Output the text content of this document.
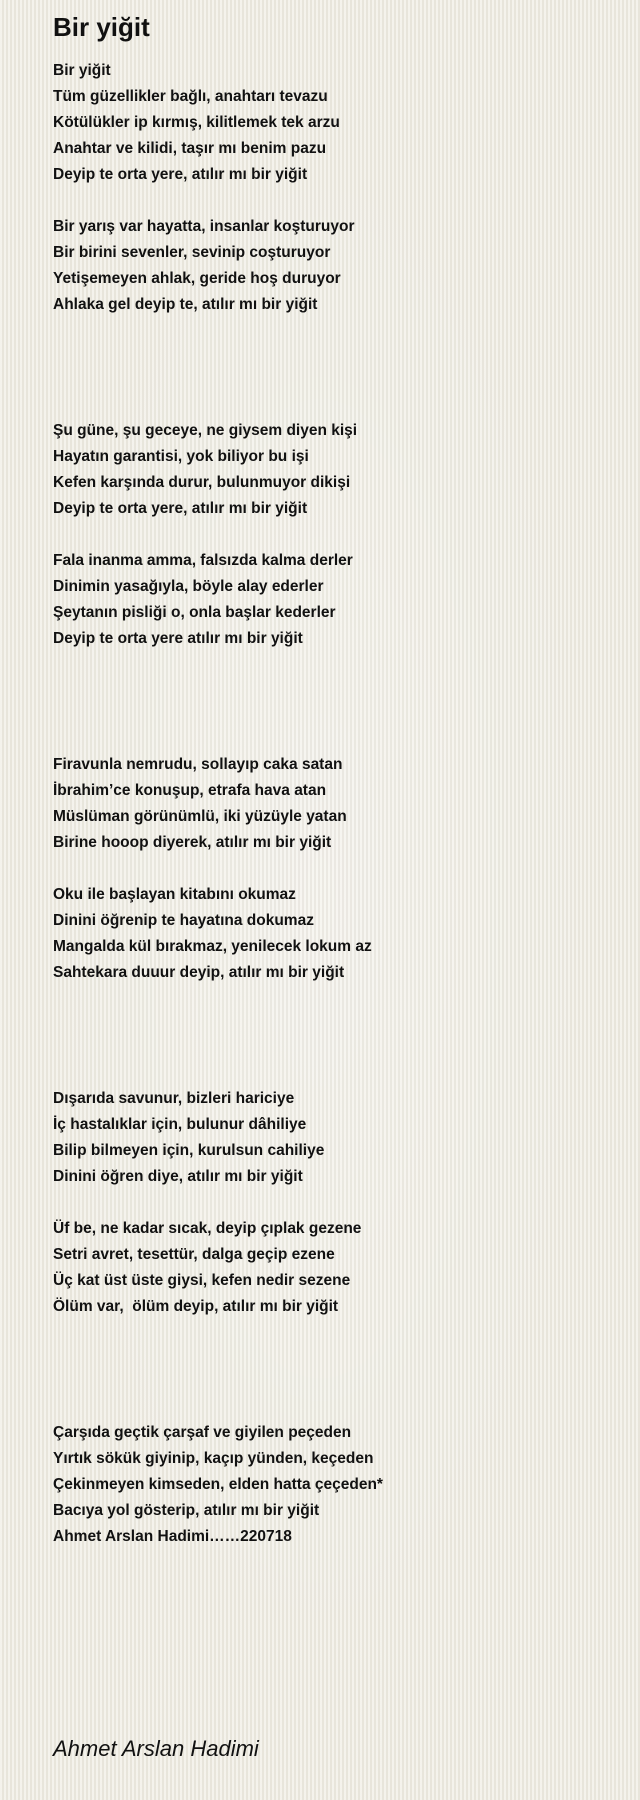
Bir yiğit
Bir yiğit
Tüm güzellikler bağlı, anahtarı tevazu
Kötülükler ip kırmış, kilitlemek tek arzu
Anahtar ve kilidi, taşır mı benim pazu
Deyip te orta yere, atılır mı bir yiğit
Bir yarış var hayatta, insanlar koşturuyor
Bir birini sevenler, sevinip coşturuyor
Yetişemeyen ahlak, geride hoş duruyor
Ahlaka gel deyip te, atılır mı bir yiğit
Şu güne, şu geceye, ne giysem diyen kişi
Hayatın garantisi, yok biliyor bu işi
Kefen karşında durur, bulunmuyor dikişi
Deyip te orta yere, atılır mı bir yiğit
Fala inanma amma, falsızda kalma derler
Dinimin yasağıyla, böyle alay ederler
Şeytanın pisliği o, onla başlar kederler
Deyip te orta yere atılır mı bir yiğit
Firavunla nemrudu, sollayıp caka satan
İbrahim’ce konuşup, etrafa hava atan
Müslüman görünümlü, iki yüzüyle yatan
Birine hooop diyerek, atılır mı bir yiğit
Oku ile başlayan kitabını okumaz
Dinini öğrenip te hayatına dokumaz
Mangalda kül bırakmaz, yenilecek lokum az
Sahtekara duuur deyip, atılır mı bir yiğit
Dışarıda savunur, bizleri hariciye
İç hastalıklar için, bulunur dâhiliye
Bilip bilmeyen için, kurulsun cahiliye
Dinini öğren diye, atılır mı bir yiğit
Üf be, ne kadar sıcak, deyip çıplak gezene
Setri avret, tesettür, dalga geçip ezene
Üç kat üst üste giysi, kefen nedir sezene
Ölüm var,  ölüm deyip, atılır mı bir yiğit
Çarşıda geçtik çarşaf ve giyilen peçeden
Yırtık sökük giyinip, kaçıp yünden, keçeden
Çekinmeyen kimseden, elden hatta çeçeden*
Bacıya yol gösterip, atılır mı bir yiğit
Ahmet Arslan Hadimi……220718
Ahmet Arslan Hadimi
